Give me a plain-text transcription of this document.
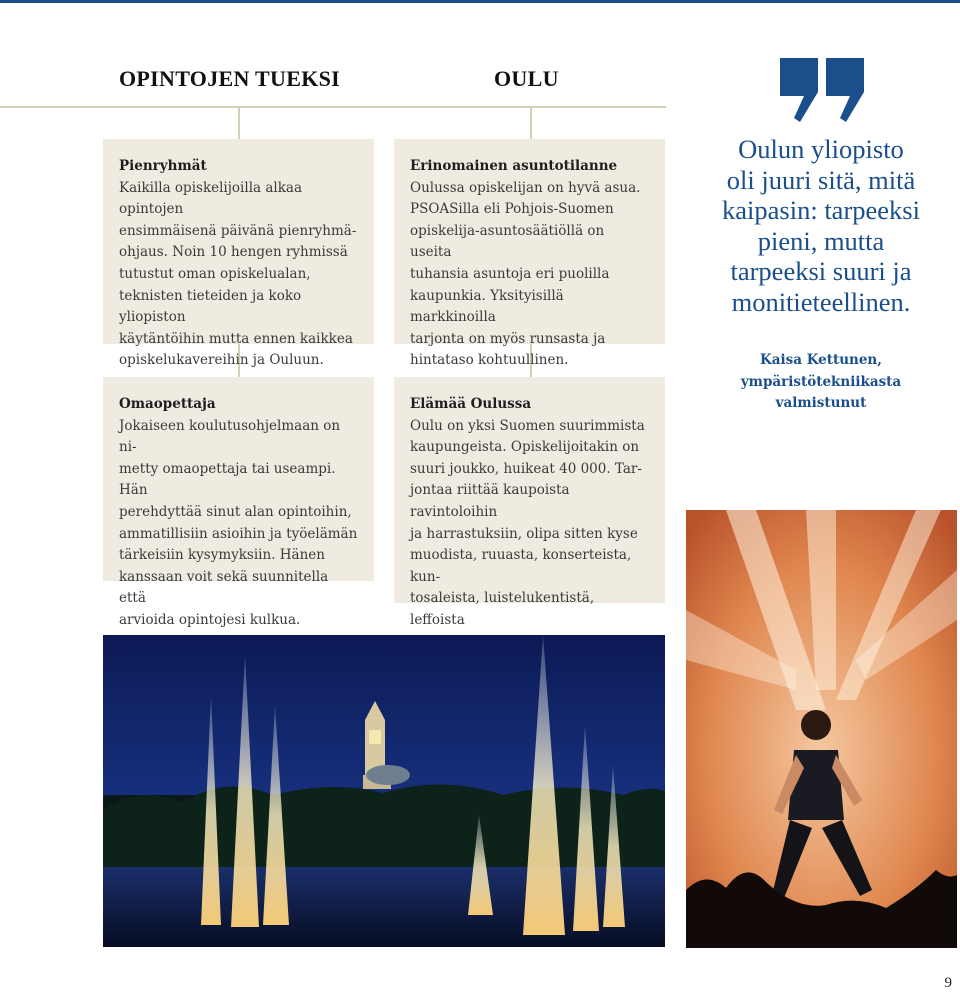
OPINTOJEN TUEKSI	OULU
Pienryhmät
Kaikilla opiskelijoilla alkaa opintojen
ensimmäisenä päivänä pienryhmä-
ohjaus. Noin 10 hengen ryhmissä
tutustut oman opiskelualan,
teknisten tieteiden ja koko yliopiston
käytäntöihin mutta ennen kaikkea
opiskelukavereihin ja Ouluun.
Erinomainen asuntotilanne
Oulussa opiskelijan on hyvä asua.
PSOASilla eli Pohjois-Suomen
opiskelija-asuntosäätiöllä on useita
tuhansia asuntoja eri puolilla
kaupunkia. Yksityisillä markkinoilla
tarjonta on myös runsasta ja
hintataso kohtuullinen.
Omaopettaja
Jokaiseen koulutusohjelmaan on ni-
metty omaopettaja tai useampi. Hän
perehdyttää sinut alan opintoihin,
ammatillisiin asioihin ja työelämän
tärkeisiin kysymyksiin. Hänen
kanssaan voit sekä suunnitella että
arvioida opintojesi kulkua.
Elämää Oulussa
Oulu on yksi Suomen suurimmista
kaupungeista. Opiskelijoitakin on
suuri joukko, huikeat 40 000. Tar-
jontaa riittää kaupoista ravintoloihin
ja harrastuksiin, olipa sitten kyse
muodista, ruuasta, konserteista, kun-
tosaleista, luistelukentistä, leffoista

Oulun yliopisto
oli juuri sitä, mitä
kaipasin: tarpeeksi
pieni, mutta
tarpeeksi suuri ja
monitieteellinen.
Kaisa Kettunen,
ympäristötekniikasta
valmistunut
9
